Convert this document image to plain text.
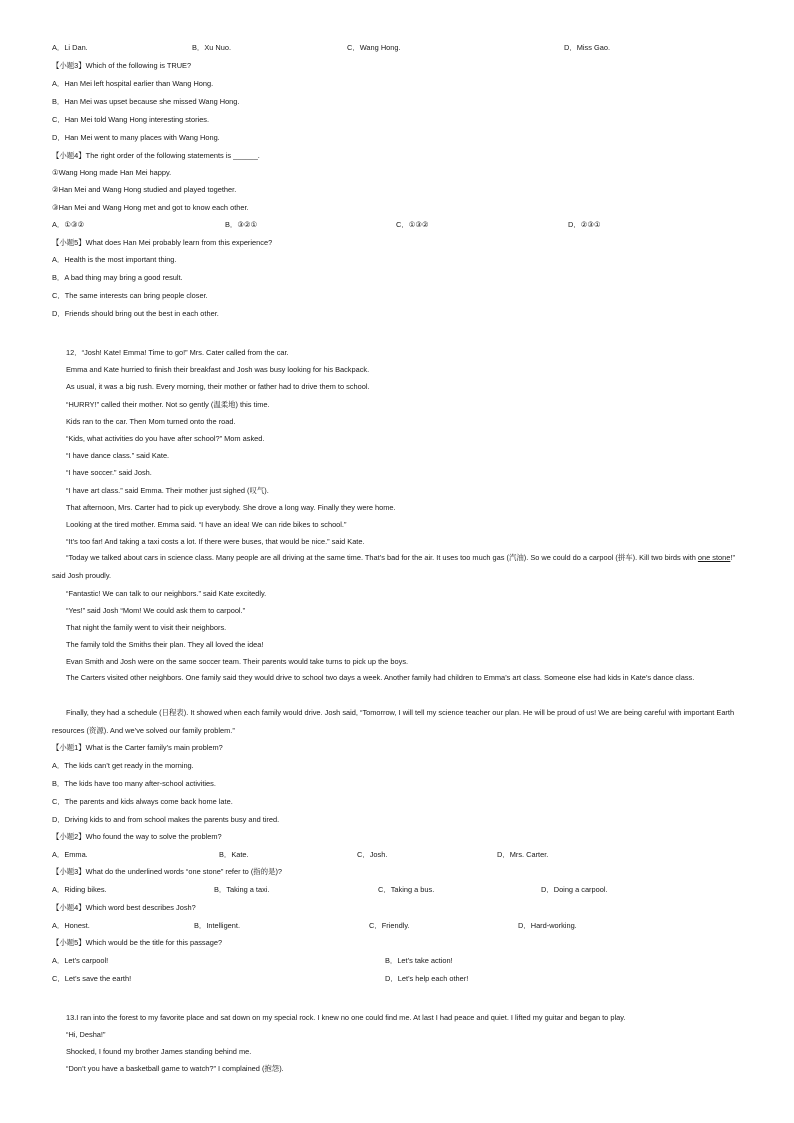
A．Li Dan.	B．Xu Nuo.	C．Wang Hong.	D．Miss Gao.
【小题3】Which of the following is TRUE?
A．Han Mei left hospital earlier than Wang Hong.
B．Han Mei was upset because she missed Wang Hong.
C．Han Mei told Wang Hong interesting stories.
D．Han Mei went to many places with Wang Hong.
【小题4】The right order of the following statements is ______.
①Wang Hong made Han Mei happy.
②Han Mei and Wang Hong studied and played together.
③Han Mei and Wang Hong met and got to know each other.
A．①③②	B．③②①	C．①③②	D．②③①
【小题5】What does Han Mei probably learn from this experience?
A．Health is the most important thing.
B．A bad thing may bring a good result.
C．The same interests can bring people closer.
D．Friends should bring out the best in each other.
12．“Josh! Kate! Emma! Time to go!” Mrs. Cater called from the car.
Emma and Kate hurried to finish their breakfast and Josh was busy looking for his Backpack.
As usual, it was a big rush. Every morning, their mother or father had to drive them to school.
“HURRY!” called their mother. Not so gently (温柔地) this time.
Kids ran to the car. Then Mom turned onto the road.
“Kids, what activities do you have after school?” Mom asked.
“I have dance class.” said Kate.
“I have soccer.” said Josh.
“I have art class.” said Emma. Their mother just sighed (叹气).
That afternoon, Mrs. Carter had to pick up everybody. She drove a long way. Finally they were home.
Looking at the tired mother. Emma said. “I have an idea! We can ride bikes to school.”
“It’s too far! And taking a taxi costs a lot. If there were buses, that would be nice.” said Kate.
“Today we talked about cars in science class. Many people are all driving at the same time. That’s bad for the air. It uses too much gas (汽油). So we could do a carpool (拼车). Kill two birds with one stone!” said Josh proudly.
“Fantastic! We can talk to our neighbors.” said Kate excitedly.
“Yes!” said Josh “Mom! We could ask them to carpool.”
That night the family went to visit their neighbors.
The family told the Smiths their plan. They all loved the idea!
Evan Smith and Josh were on the same soccer team. Their parents would take turns to pick up the boys.
The Carters visited other neighbors. One family said they would drive to school two days a week. Another family had children to Emma’s art class. Someone else had kids in Kate’s dance class.
Finally, they had a schedule (日程表). It showed when each family would drive. Josh said, “Tomorrow, I will tell my science teacher our plan. He will be proud of us! We are being careful with important Earth resources (资源). And we’ve solved our family problem.”
【小题1】What is the Carter family’s main problem?
A．The kids can’t get ready in the morning.
B．The kids have too many after-school activities.
C．The parents and kids always come back home late.
D．Driving kids to and from school makes the parents busy and tired.
【小题2】Who found the way to solve the problem?
A．Emma.	B．Kate.	C．Josh.	D．Mrs. Carter.
【小题3】What do the underlined words “one stone” refer to (指的是)?
A．Riding bikes.	B．Taking a taxi.	C．Taking a bus.	D．Doing a carpool.
【小题4】Which word best describes Josh?
A．Honest.	B．Intelligent.	C．Friendly.	D．Hard-working.
【小题5】Which would be the title for this passage?
A．Let’s carpool!	B．Let’s take action!
C．Let’s save the earth!	D．Let’s help each other!
13.I ran into the forest to my favorite place and sat down on my special rock. I knew no one could find me. At last I had peace and quiet. I lifted my guitar and began to play.
“Hi, Desha!”
Shocked, I found my brother James standing behind me.
“Don’t you have a basketball game to watch?” I complained (抱怨).
